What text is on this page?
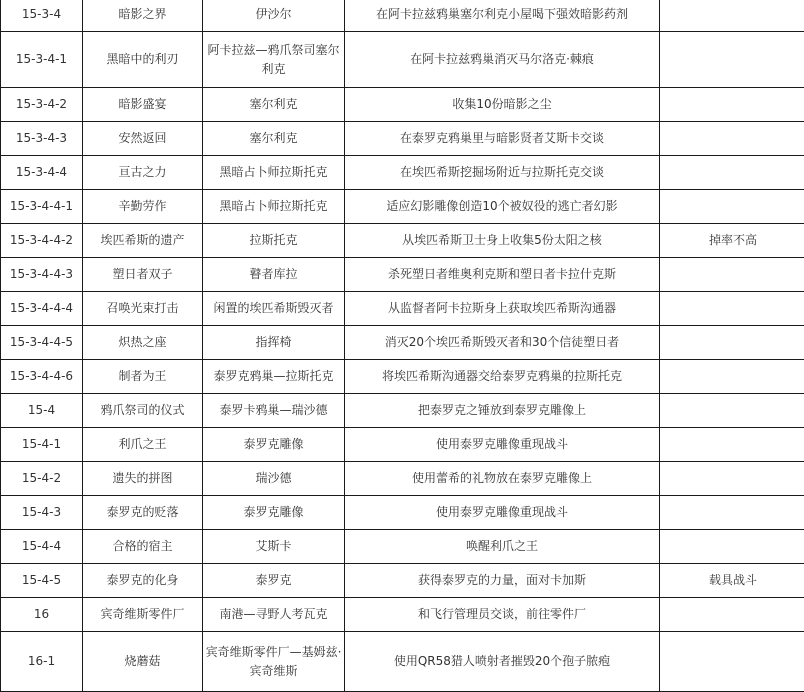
15-3-4	暗影之界	伊沙尔	在阿卡拉兹鸦巢塞尔利克小屋喝下强效暗影药剂	
15-3-4-1	黑暗中的利刃	阿卡拉兹—鸦爪祭司塞尔利克	在阿卡拉兹鸦巢消灭马尔洛克·棘痕	
15-3-4-2	暗影盛宴	塞尔利克	收集10份暗影之尘	
15-3-4-3	安然返回	塞尔利克	在泰罗克鸦巢里与暗影贤者艾斯卡交谈	
15-3-4-4	亘古之力	黑暗占卜师拉斯托克	在埃匹希斯挖掘场附近与拉斯托克交谈	
15-3-4-4-1	辛勤劳作	黑暗占卜师拉斯托克	适应幻影雕像创造10个被奴役的逃亡者幻影	
15-3-4-4-2	埃匹希斯的遗产	拉斯托克	从埃匹希斯卫士身上收集5份太阳之核	掉率不高
15-3-4-4-3	塑日者双子	瞽者库拉	杀死塑日者维奥利克斯和塑日者卡拉什克斯	
15-3-4-4-4	召唤光束打击	闲置的埃匹希斯毁灭者	从监督者阿卡拉斯身上获取埃匹希斯沟通器	
15-3-4-4-5	炽热之座	指挥椅	消灭20个埃匹希斯毁灭者和30个信徒塑日者	
15-3-4-4-6	制者为王	泰罗克鸦巢—拉斯托克	将埃匹希斯沟通器交给泰罗克鸦巢的拉斯托克	
15-4	鸦爪祭司的仪式	泰罗卡鸦巢—瑞沙德	把泰罗克之锤放到泰罗克雕像上	
15-4-1	利爪之王	泰罗克雕像	使用泰罗克雕像重现战斗	
15-4-2	遗失的拼图	瑞沙德	使用蕾希的礼物放在泰罗克雕像上	
15-4-3	泰罗克的贬落	泰罗克雕像	使用泰罗克雕像重现战斗	
15-4-4	合格的宿主	艾斯卡	唤醒利爪之王	
15-4-5	泰罗克的化身	泰罗克	获得泰罗克的力量，面对卡加斯	载具战斗
16	宾奇维斯零件厂	南港—寻野人考瓦克	和飞行管理员交谈，前往零件厂	
16-1	烧蘑菇	宾奇维斯零件厂—基姆兹·宾奇维斯	使用QR58猎人喷射者摧毁20个孢子脓疱	
